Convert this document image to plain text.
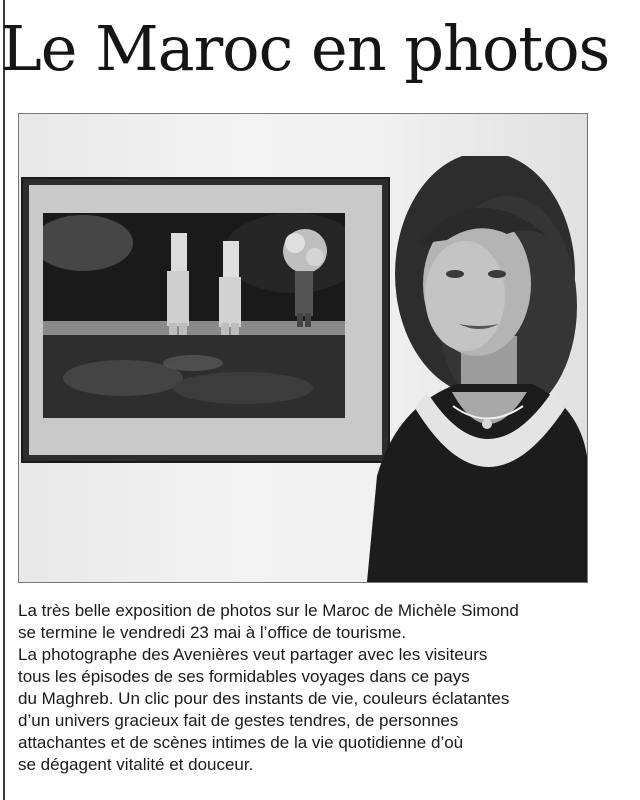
Le Maroc en photos

La très belle exposition de photos sur le Maroc de Michèle Simond

se termine le vendredi 23 mai à l’office de tourisme.

La photographe des Avenières veut partager avec les visiteurs

tous les épisodes de ses formidables voyages dans ce pays

du Maghreb. Un clic pour des instants de vie, couleurs éclatantes

d’un univers gracieux fait de gestes tendres, de personnes

attachantes et de scènes intimes de la vie quotidienne d’où

se dégagent vitalité et douceur.
